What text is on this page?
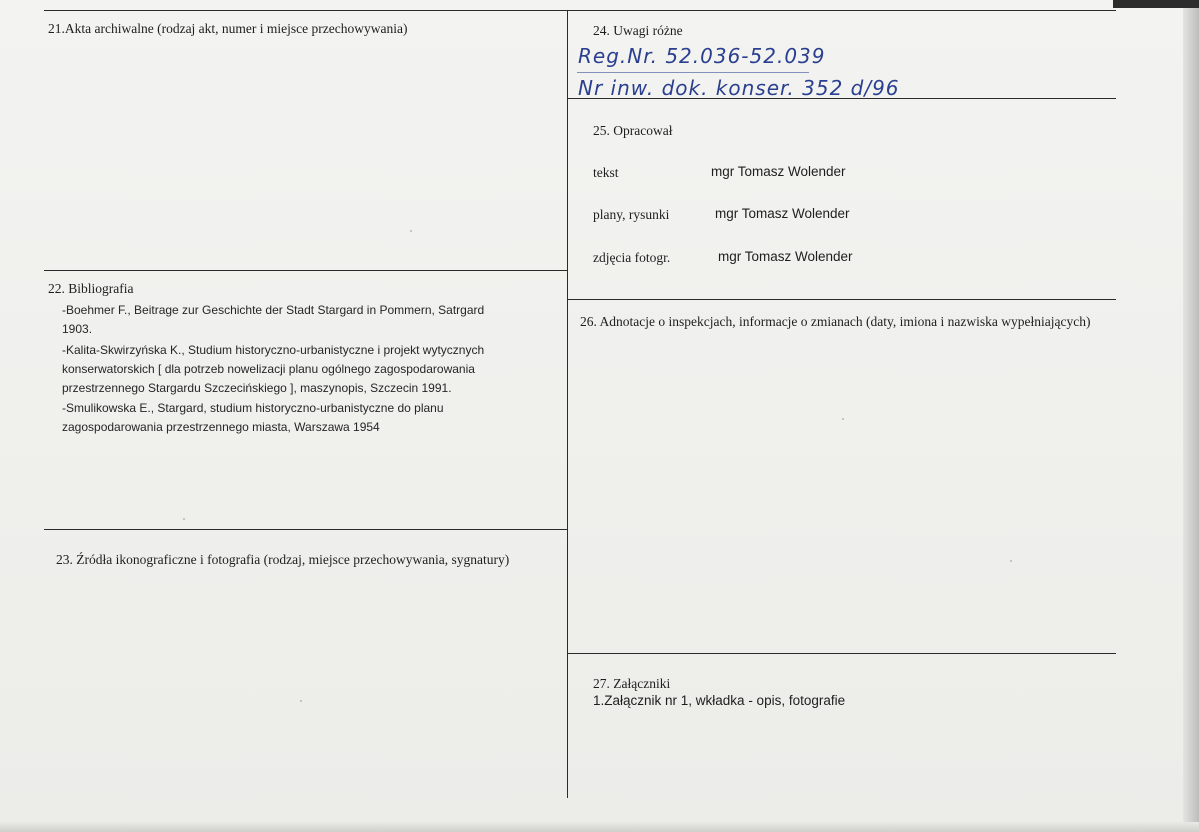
21.Akta archiwalne (rodzaj akt, numer i miejsce przechowywania)
22. Bibliografia
-Boehmer F., Beitrage zur Geschichte der Stadt Stargard in Pommern, Satrgard
1903.
-Kalita-Skwirzyńska K., Studium historyczno-urbanistyczne i projekt wytycznych
konserwatorskich [ dla potrzeb nowelizacji planu ogólnego zagospodarowania
przestrzennego Stargardu Szczecińskiego ], maszynopis, Szczecin 1991.
-Smulikowska E., Stargard, studium historyczno-urbanistyczne do planu
zagospodarowania przestrzennego miasta, Warszawa 1954
23. Źródła ikonograficzne i fotografia (rodzaj, miejsce przechowywania, sygnatury)
24. Uwagi różne
Reg.Nr. 52.036-52.039
Nr inw. dok. konser. 352 d/96
25. Opracował
tekst	mgr Tomasz Wolender
plany, rysunki	mgr Tomasz Wolender
zdjęcia fotogr.	mgr Tomasz Wolender
26. Adnotacje o inspekcjach, informacje o zmianach (daty, imiona i nazwiska wypełniających)
27. Załączniki
1.Załącznik nr 1, wkładka - opis, fotografie
